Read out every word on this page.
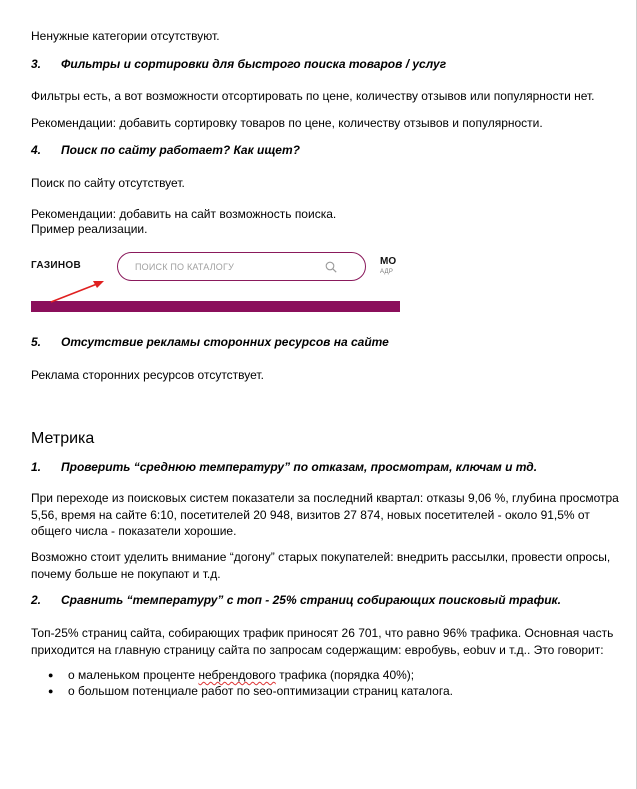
Ненужные категории отсутствуют.
3. Фильтры и сортировки для быстрого поиска товаров / услуг
Фильтры есть, а вот возможности отсортировать по цене, количеству отзывов или популярности нет.
Рекомендации: добавить сортировку товаров по цене, количеству отзывов и популярности.
4. Поиск по сайту работает? Как ищет?
Поиск по сайту отсутствует.
Рекомендации: добавить на сайт возможность поиска.
Пример реализации.
ГАЗИНОВ	ПОИСК ПО КАТАЛОГУ	МО
АДР
5. Отсутствие рекламы сторонних ресурсов на сайте
Реклама сторонних ресурсов отсутствует.
Метрика
1. Проверить “среднюю температуру” по отказам, просмотрам, ключам и тд.
При переходе из поисковых систем показатели за последний квартал: отказы 9,06 %, глубина просмотра
5,56, время на сайте 6:10, посетителей 20 948, визитов 27 874, новых посетителей - около 91,5% от
общего числа - показатели хорошие.
Возможно стоит уделить внимание “догону” старых покупателей: внедрить рассылки, провести опросы,
почему больше не покупают и т.д.
2. Сравнить “температуру” с топ - 25% страниц собирающих поисковый трафик.
Топ-25% страниц сайта, собирающих трафик приносят 26 701, что равно 96% трафика. Основная часть
приходится на главную страницу сайта по запросам содержащим: евробувь, eobuv и т.д.. Это говорит:
● о маленьком проценте небрендового трафика (порядка 40%);
● о большом потенциале работ по seo-оптимизации страниц каталога.
